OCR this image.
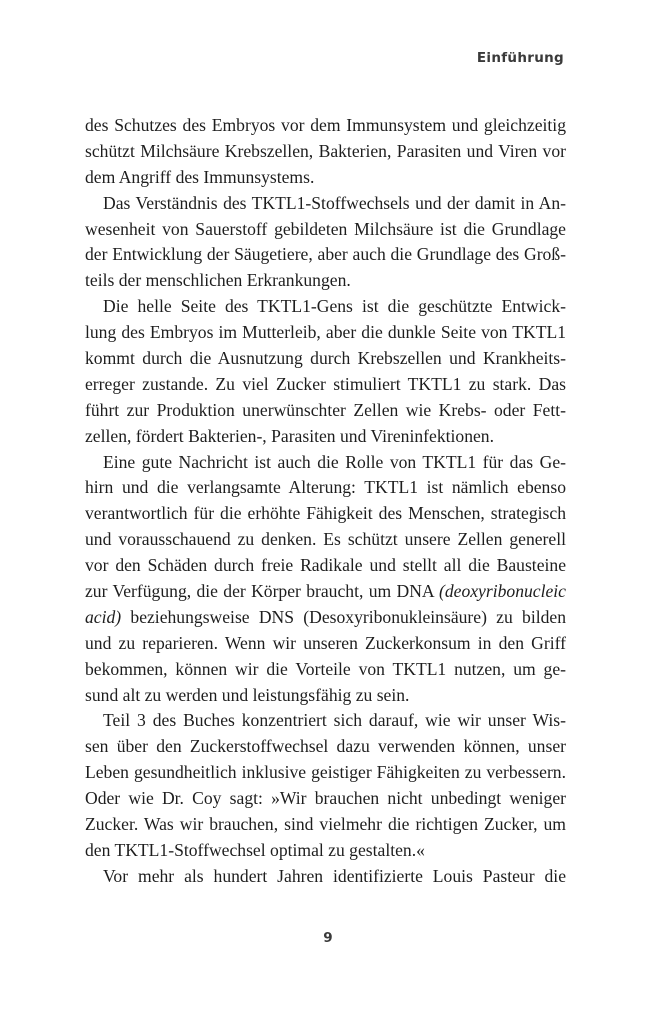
Einführung
des Schutzes des Embryos vor dem Immunsystem und gleichzeitig
schützt Milchsäure Krebszellen, Bakterien, Parasiten und Viren vor
dem Angriff des Immunsystems.
Das Verständnis des TKTL1-Stoffwechsels und der damit in An-
wesenheit von Sauerstoff gebildeten Milchsäure ist die Grundlage
der Entwicklung der Säugetiere, aber auch die Grundlage des Groß-
teils der menschlichen Erkrankungen.
Die helle Seite des TKTL1-Gens ist die geschützte Entwick-
lung des Embryos im Mutterleib, aber die dunkle Seite von TKTL1
kommt durch die Ausnutzung durch Krebszellen und Krankheits-
erreger zustande. Zu viel Zucker stimuliert TKTL1 zu stark. Das
führt zur Produktion unerwünschter Zellen wie Krebs- oder Fett-
zellen, fördert Bakterien-, Parasiten und Vireninfektionen.
Eine gute Nachricht ist auch die Rolle von TKTL1 für das Ge-
hirn und die verlangsamte Alterung: TKTL1 ist nämlich ebenso
verantwortlich für die erhöhte Fähigkeit des Menschen, strategisch
und vorausschauend zu denken. Es schützt unsere Zellen generell
vor den Schäden durch freie Radikale und stellt all die Bausteine
zur Verfügung, die der Körper braucht, um DNA (deoxyribonucleic
acid) beziehungsweise DNS (Desoxyribonukleinsäure) zu bilden
und zu reparieren. Wenn wir unseren Zuckerkonsum in den Griff
bekommen, können wir die Vorteile von TKTL1 nutzen, um ge-
sund alt zu werden und leistungsfähig zu sein.
Teil 3 des Buches konzentriert sich darauf, wie wir unser Wis-
sen über den Zuckerstoffwechsel dazu verwenden können, unser
Leben gesundheitlich inklusive geistiger Fähigkeiten zu verbessern.
Oder wie Dr. Coy sagt: »Wir brauchen nicht unbedingt weniger
Zucker. Was wir brauchen, sind vielmehr die richtigen Zucker, um
den TKTL1-Stoffwechsel optimal zu gestalten.«
Vor mehr als hundert Jahren identifizierte Louis Pasteur die
9
